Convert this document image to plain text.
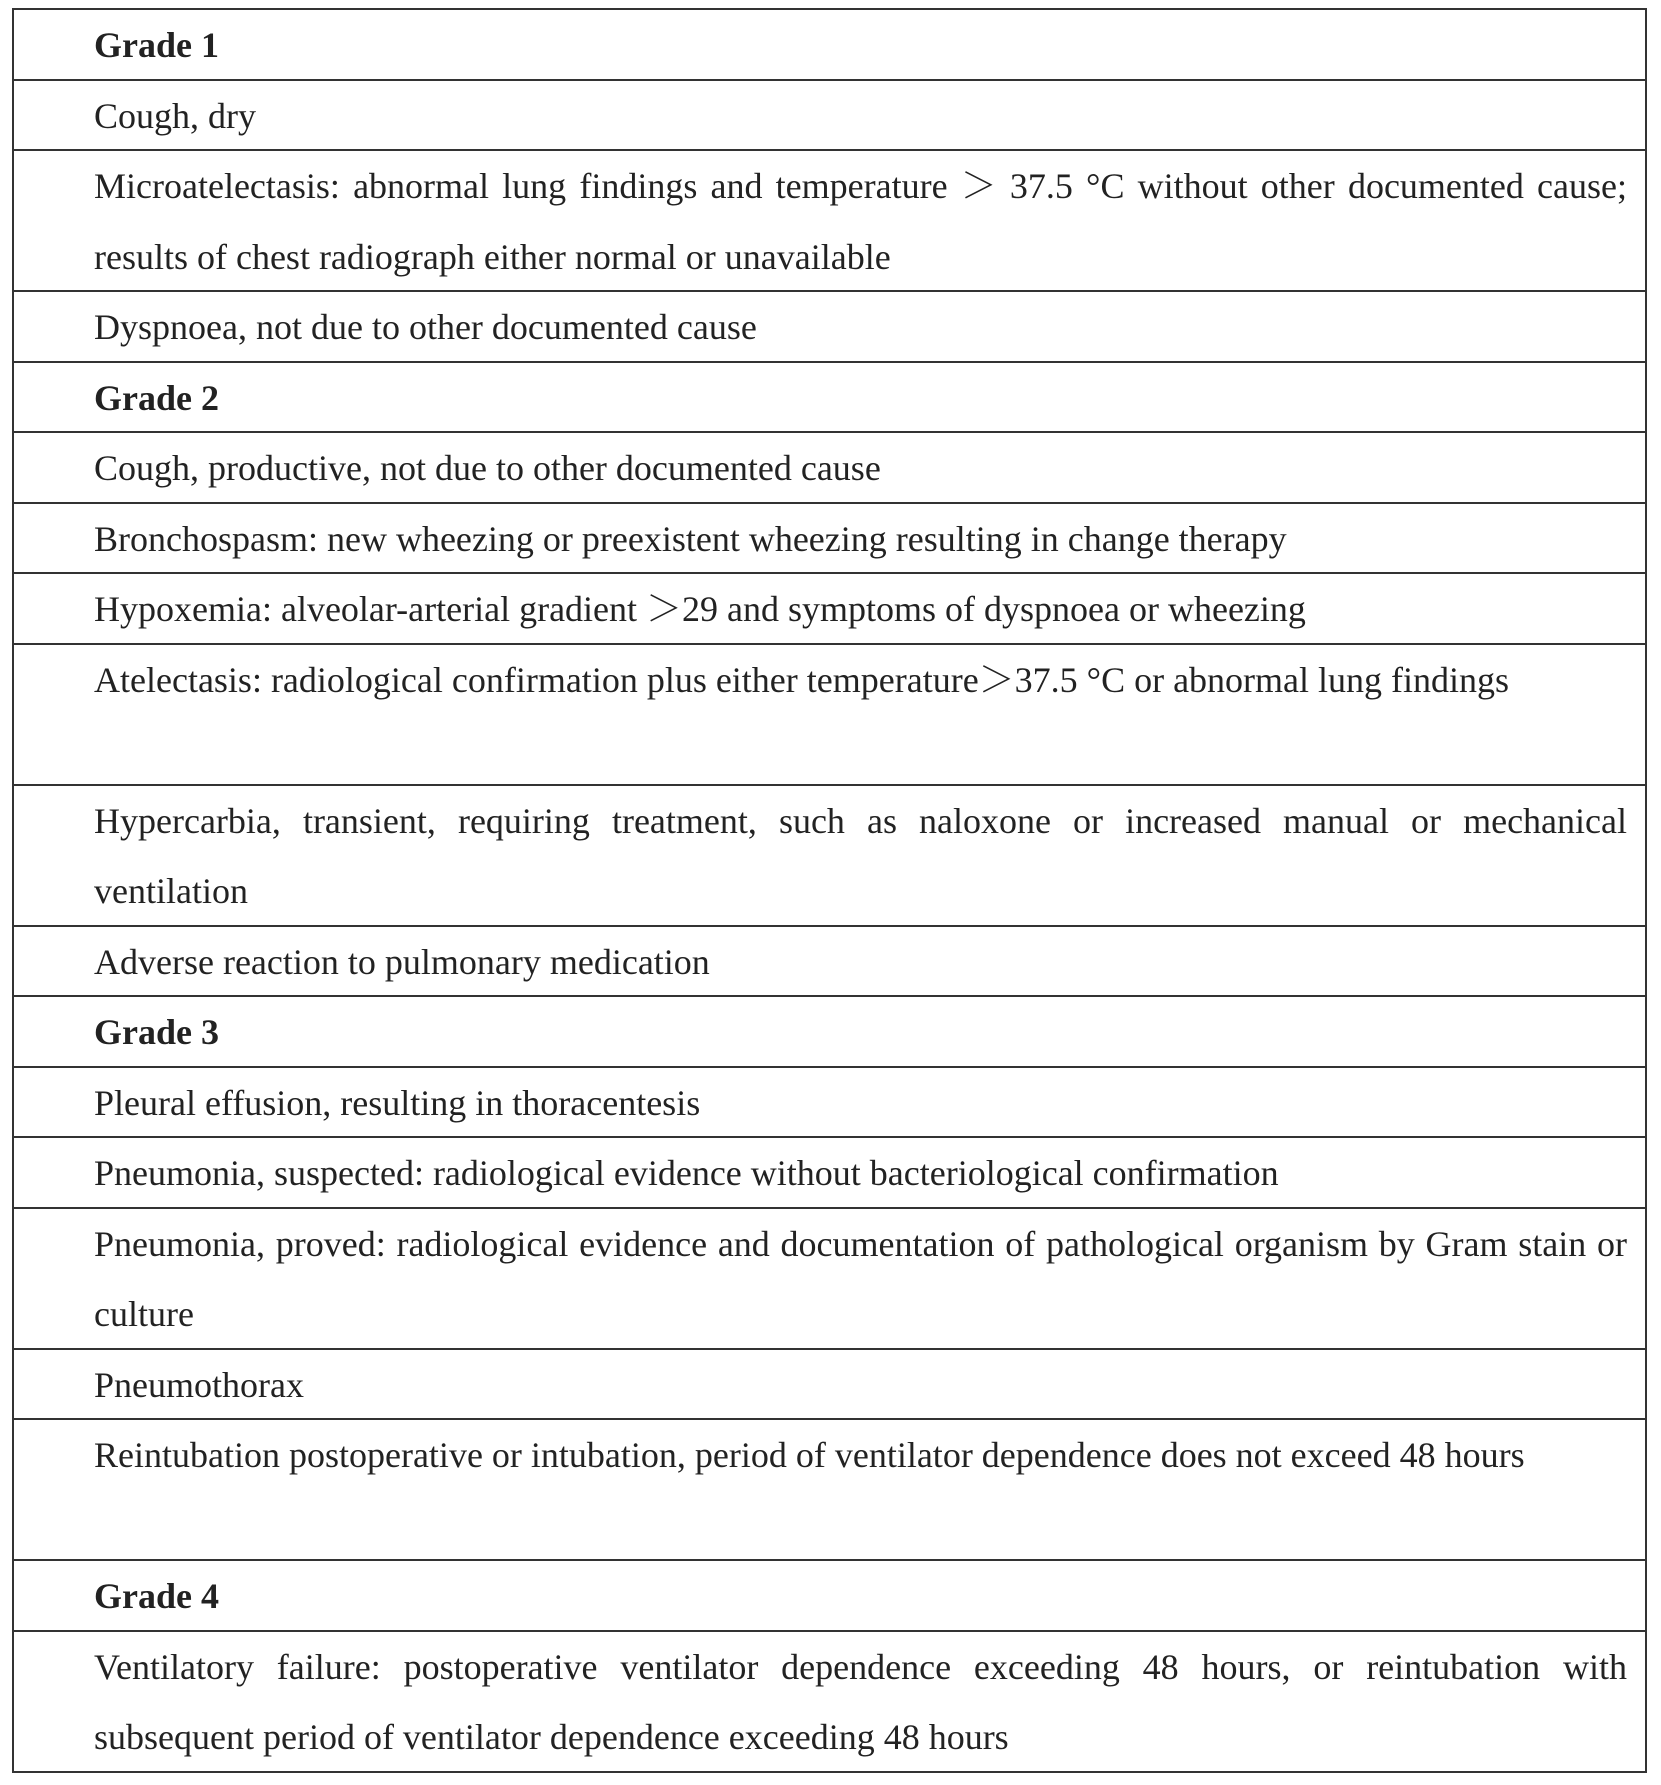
Grade 1
Cough, dry
Microatelectasis: abnormal lung findings and temperature ＞ 37.5 °C without other documented cause; results of chest radiograph either normal or unavailable
Dyspnoea, not due to other documented cause
Grade 2
Cough, productive, not due to other documented cause
Bronchospasm: new wheezing or preexistent wheezing resulting in change therapy
Hypoxemia: alveolar-arterial gradient ＞29 and symptoms of dyspnoea or wheezing
Atelectasis: radiological confirmation plus either temperature＞37.5 °C or abnormal lung findings
Hypercarbia, transient, requiring treatment, such as naloxone or increased manual or mechanical ventilation
Adverse reaction to pulmonary medication
Grade 3
Pleural effusion, resulting in thoracentesis
Pneumonia, suspected: radiological evidence without bacteriological confirmation
Pneumonia, proved: radiological evidence and documentation of pathological organism by Gram stain or culture
Pneumothorax
Reintubation postoperative or intubation, period of ventilator dependence does not exceed 48 hours
Grade 4
Ventilatory failure: postoperative ventilator dependence exceeding 48 hours, or reintubation with subsequent period of ventilator dependence exceeding 48 hours
